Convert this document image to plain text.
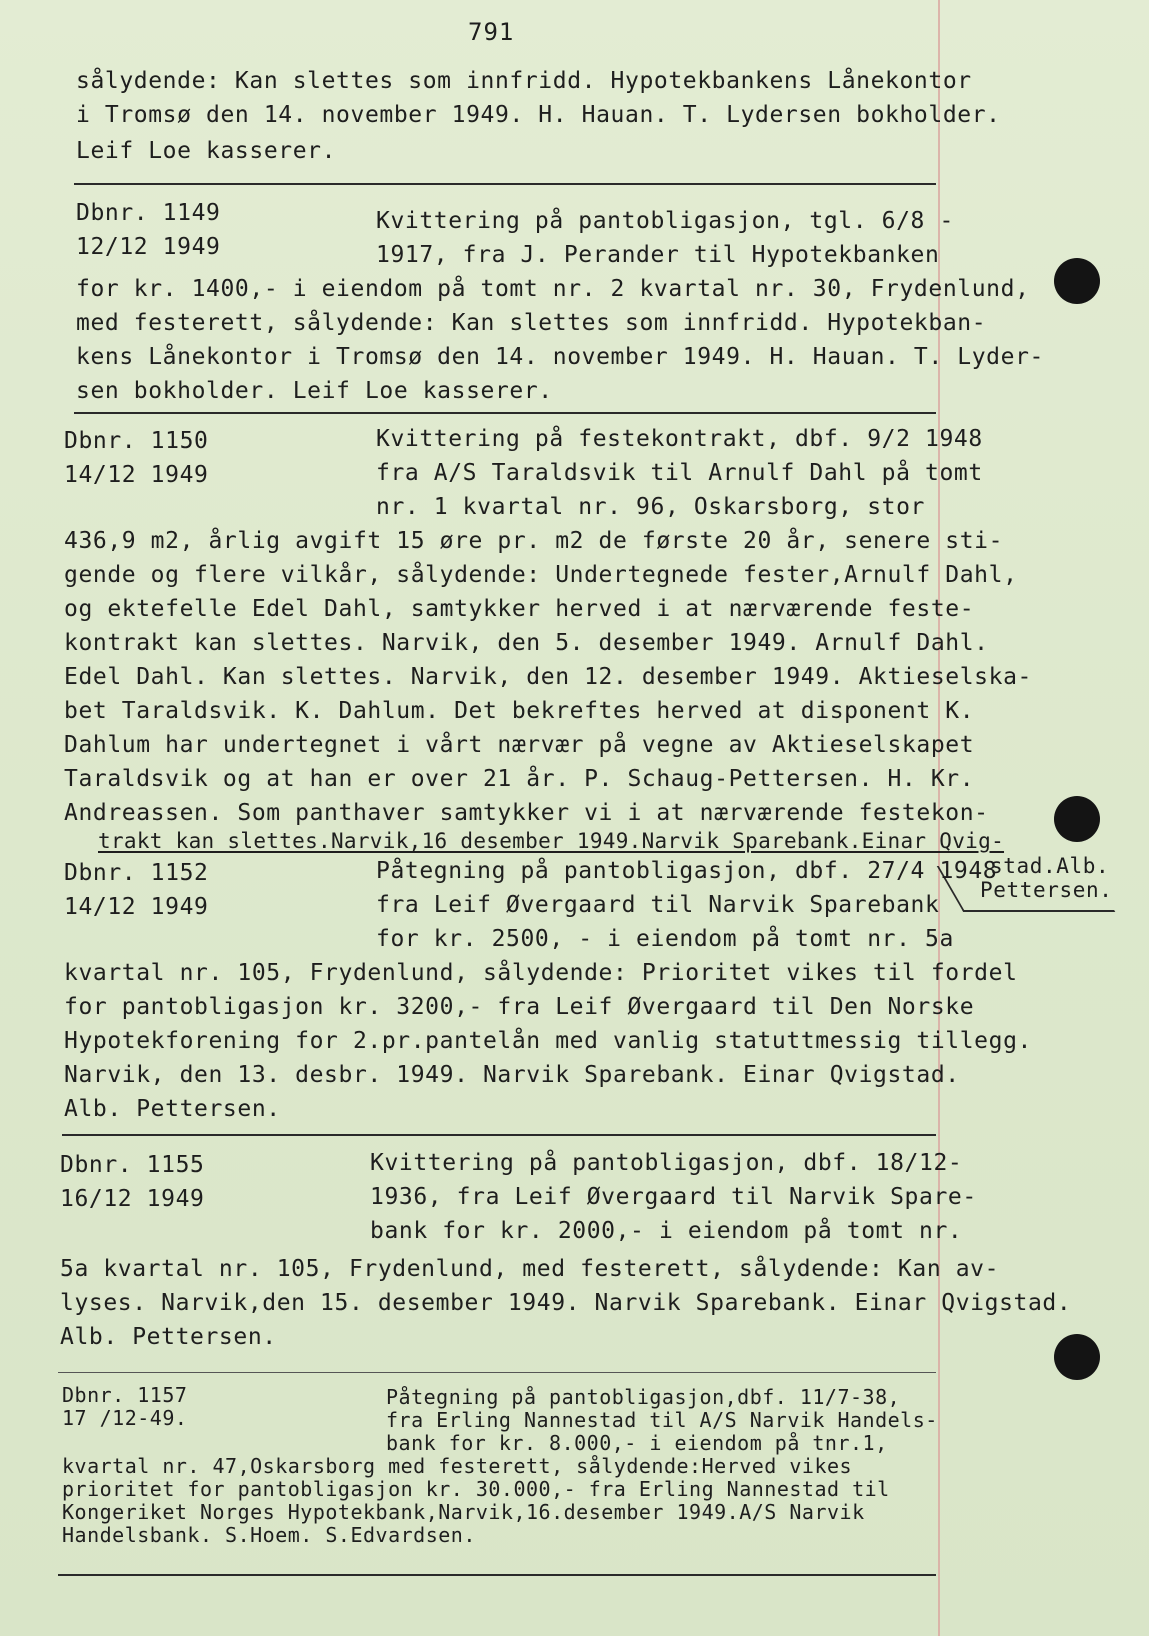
791
sålydende: Kan slettes som innfridd. Hypotekbankens Lånekontor
i Tromsø den 14. november 1949. H. Hauan. T. Lydersen bokholder.
Leif Loe kasserer.
Dbnr. 1149
12/12 1949
Kvittering på pantobligasjon, tgl. 6/8 -
1917, fra J. Perander til Hypotekbanken
for kr. 1400,- i eiendom på tomt nr. 2 kvartal nr. 30, Frydenlund,
med festerett, sålydende: Kan slettes som innfridd. Hypotekban-
kens Lånekontor i Tromsø den 14. november 1949. H. Hauan. T. Lyder-
sen bokholder. Leif Loe kasserer.
Dbnr. 1150
14/12 1949
Kvittering på festekontrakt, dbf. 9/2 1948
fra A/S Taraldsvik til Arnulf Dahl på tomt
nr. 1 kvartal nr. 96, Oskarsborg, stor
436,9 m2, årlig avgift 15 øre pr. m2 de første 20 år, senere sti-
gende og flere vilkår, sålydende: Undertegnede fester,Arnulf Dahl,
og ektefelle Edel Dahl, samtykker herved i at nærværende feste-
kontrakt kan slettes. Narvik, den 5. desember 1949. Arnulf Dahl.
Edel Dahl. Kan slettes. Narvik, den 12. desember 1949. Aktieselska-
bet Taraldsvik. K. Dahlum. Det bekreftes herved at disponent K.
Dahlum har undertegnet i vårt nærvær på vegne av Aktieselskapet
Taraldsvik og at han er over 21 år. P. Schaug-Pettersen. H. Kr.
Andreassen. Som panthaver samtykker vi i at nærværende festekon-
trakt kan slettes.Narvik,16 desember 1949.Narvik Sparebank.Einar Qvig-
stad.Alb.
Pettersen.
Dbnr. 1152
14/12 1949
Påtegning på pantobligasjon, dbf. 27/4 1948
fra Leif Øvergaard til Narvik Sparebank
for kr. 2500, - i eiendom på tomt nr. 5a
kvartal nr. 105, Frydenlund, sålydende: Prioritet vikes til fordel
for pantobligasjon kr. 3200,- fra Leif Øvergaard til Den Norske
Hypotekforening for 2.pr.pantelån med vanlig statuttmessig tillegg.
Narvik, den 13. desbr. 1949. Narvik Sparebank. Einar Qvigstad.
Alb. Pettersen.
Dbnr. 1155
16/12 1949
Kvittering på pantobligasjon, dbf. 18/12-
1936, fra Leif Øvergaard til Narvik Spare-
bank for kr. 2000,- i eiendom på tomt nr.
5a kvartal nr. 105, Frydenlund, med festerett, sålydende: Kan av-
lyses. Narvik,den 15. desember 1949. Narvik Sparebank. Einar Qvigstad.
Alb. Pettersen.
Dbnr. 1157
17 /12-49.
Påtegning på pantobligasjon,dbf. 11/7-38,
fra Erling Nannestad til A/S Narvik Handels-
bank for kr. 8.000,- i eiendom på tnr.1,
kvartal nr. 47,Oskarsborg med festerett, sålydende:Herved vikes
prioritet for pantobligasjon kr. 30.000,- fra Erling Nannestad til
Kongeriket Norges Hypotekbank,Narvik,16.desember 1949.A/S Narvik
Handelsbank. S.Hoem. S.Edvardsen.
